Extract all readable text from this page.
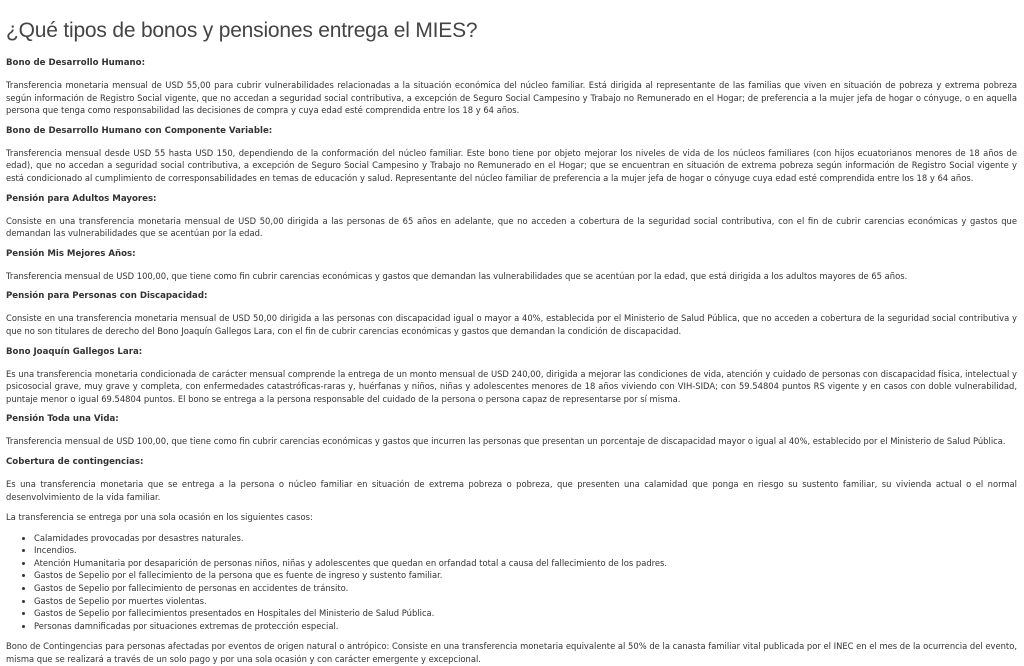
¿Qué tipos de bonos y pensiones entrega el MIES?
Bono de Desarrollo Humano:

Transferencia monetaria mensual de USD 55,00 para cubrir vulnerabilidades relacionadas a la situación económica del núcleo familiar. Está dirigida al representante de las familias que viven en situación de pobreza y extrema pobreza según información de Registro Social vigente, que no accedan a seguridad social contributiva, a excepción de Seguro Social Campesino y Trabajo no Remunerado en el Hogar; de preferencia a la mujer jefa de hogar o cónyuge, o en aquella persona que tenga como responsabilidad las decisiones de compra y cuya edad esté comprendida entre los 18 y 64 años.

Bono de Desarrollo Humano con Componente Variable:

Transferencia mensual desde USD 55 hasta USD 150, dependiendo de la conformación del núcleo familiar. Este bono tiene por objeto mejorar los niveles de vida de los núcleos familiares (con hijos ecuatorianos menores de 18 años de edad), que no accedan a seguridad social contributiva, a excepción de Seguro Social Campesino y Trabajo no Remunerado en el Hogar; que se encuentran en situación de extrema pobreza según información de Registro Social vigente y está condicionado al cumplimiento de corresponsabilidades en temas de educación y salud. Representante del núcleo familiar de preferencia a la mujer jefa de hogar o cónyuge cuya edad esté comprendida entre los 18 y 64 años.

Pensión para Adultos Mayores:

Consiste en una transferencia monetaria mensual de USD 50,00 dirigida a las personas de 65 años en adelante, que no acceden a cobertura de la seguridad social contributiva, con el fin de cubrir carencias económicas y gastos que demandan las vulnerabilidades que se acentúan por la edad.

Pensión Mis Mejores Años:

Transferencia mensual de USD 100,00, que tiene como fin cubrir carencias económicas y gastos que demandan las vulnerabilidades que se acentúan por la edad, que está dirigida a los adultos mayores de 65 años.

Pensión para Personas con Discapacidad:

Consiste en una transferencia monetaria mensual de USD 50,00 dirigida a las personas con discapacidad igual o mayor a 40%, establecida por el Ministerio de Salud Pública, que no acceden a cobertura de la seguridad social contributiva y que no son titulares de derecho del Bono Joaquín Gallegos Lara, con el fin de cubrir carencias económicas y gastos que demandan la condición de discapacidad.

Bono Joaquín Gallegos Lara:

Es una transferencia monetaria condicionada de carácter mensual comprende la entrega de un monto mensual de USD 240,00, dirigida a mejorar las condiciones de vida, atención y cuidado de personas con discapacidad física, intelectual y psicosocial grave, muy grave y completa, con enfermedades catastróficas-raras y, huérfanas y niños, niñas y adolescentes menores de 18 años viviendo con VIH-SIDA; con 59.54804 puntos RS vigente y en casos con doble vulnerabilidad, puntaje menor o igual 69.54804 puntos. El bono se entrega a la persona responsable del cuidado de la persona o persona capaz de representarse por sí misma.

Pensión Toda una Vida:

Transferencia mensual de USD 100,00, que tiene como fin cubrir carencias económicas y gastos que incurren las personas que presentan un porcentaje de discapacidad mayor o igual al 40%, establecido por el Ministerio de Salud Pública.

Cobertura de contingencias:

Es una transferencia monetaria que se entrega a la persona o núcleo familiar en situación de extrema pobreza o pobreza, que presenten una calamidad que ponga en riesgo su sustento familiar, su vivienda actual o el normal desenvolvimiento de la vida familiar.

La transferencia se entrega por una sola ocasión en los siguientes casos:

• Calamidades provocadas por desastres naturales.
• Incendios.
• Atención Humanitaria por desaparición de personas niños, niñas y adolescentes que quedan en orfandad total a causa del fallecimiento de los padres.
• Gastos de Sepelio por el fallecimiento de la persona que es fuente de ingreso y sustento familiar.
• Gastos de Sepelio por fallecimiento de personas en accidentes de tránsito.
• Gastos de Sepelio por muertes violentas.
• Gastos de Sepelio por fallecimientos presentados en Hospitales del Ministerio de Salud Pública.
• Personas damnificadas por situaciones extremas de protección especial.

Bono de Contingencias para personas afectadas por eventos de origen natural o antrópico: Consiste en una transferencia monetaria equivalente al 50% de la canasta familiar vital publicada por el INEC en el mes de la ocurrencia del evento, misma que se realizará a través de un solo pago y por una sola ocasión y con carácter emergente y excepcional.
